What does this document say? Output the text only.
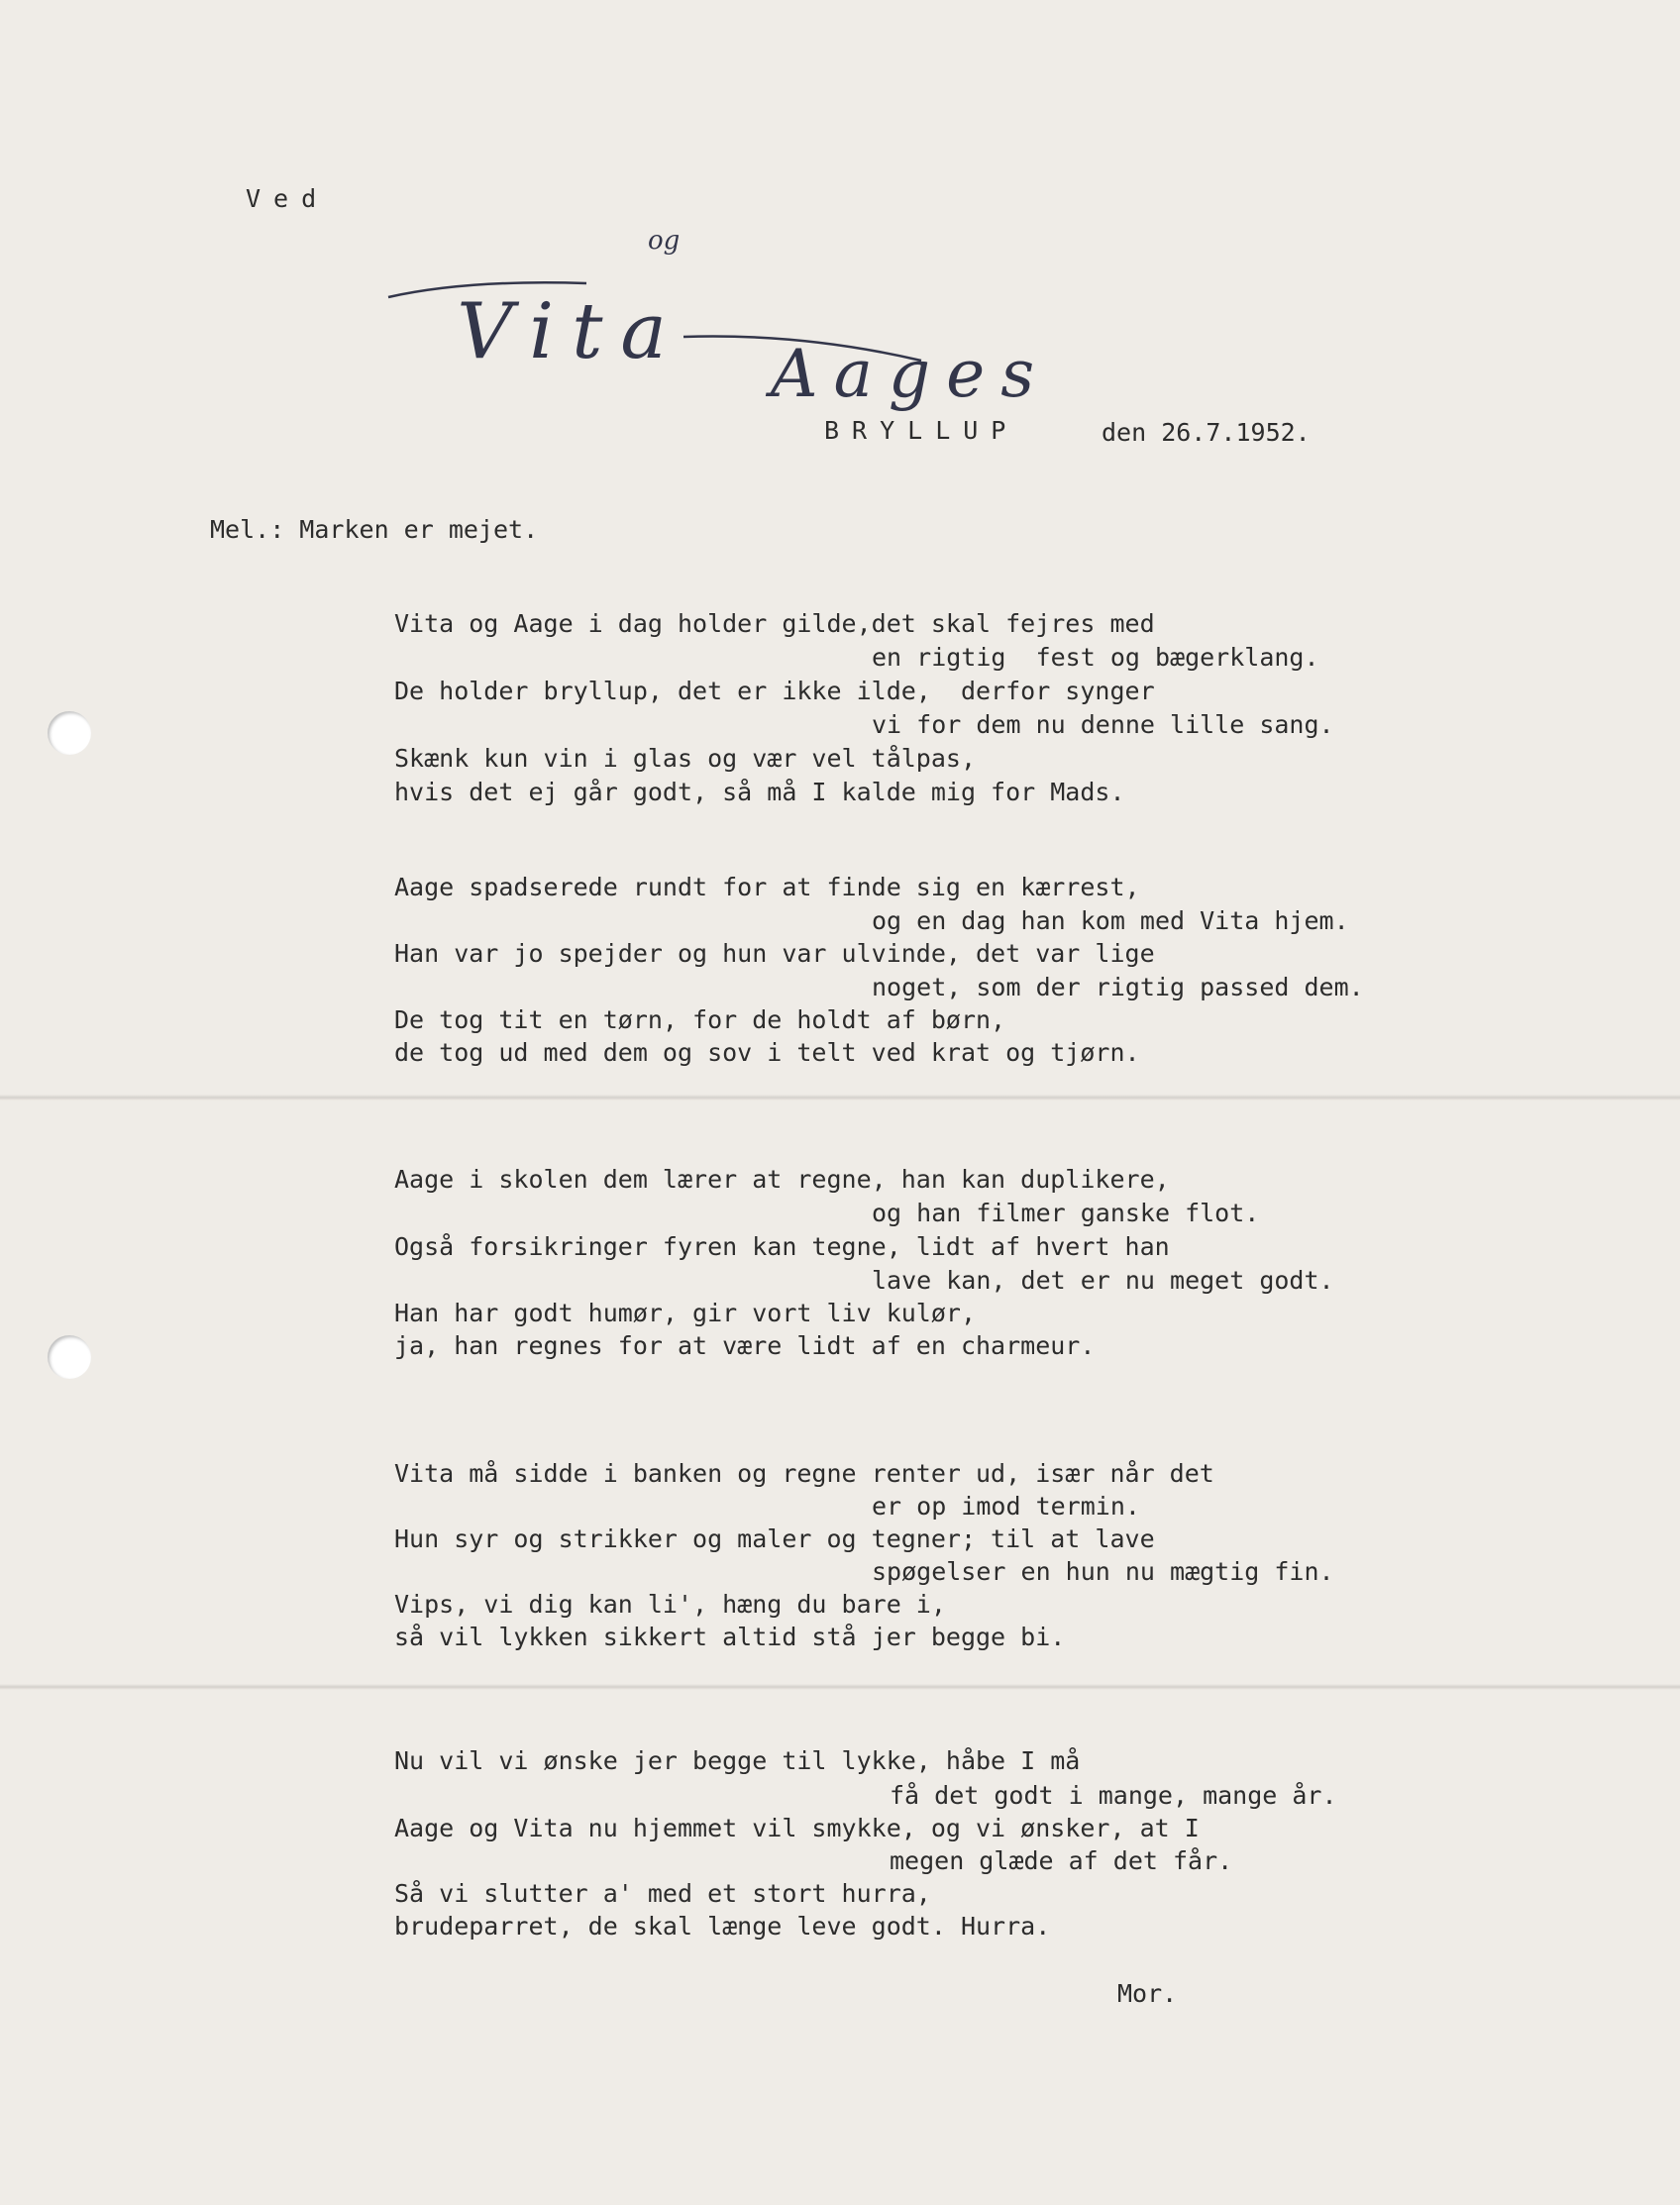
Ved

Vita

og

Aages

BRYLLUP	den 26.7.1952.
Mel.: Marken er mejet.
Vita og Aage i dag holder gilde,det skal fejres med
en rigtig  fest og bægerklang.
De holder bryllup, det er ikke ilde,  derfor synger
vi for dem nu denne lille sang.
Skænk kun vin i glas og vær vel tålpas,
hvis det ej går godt, så må I kalde mig for Mads.
Aage spadserede rundt for at finde sig en kærrest,
og en dag han kom med Vita hjem.
Han var jo spejder og hun var ulvinde, det var lige
noget, som der rigtig passed dem.
De tog tit en tørn, for de holdt af børn,
de tog ud med dem og sov i telt ved krat og tjørn.
Aage i skolen dem lærer at regne, han kan duplikere,
og han filmer ganske flot.
Også forsikringer fyren kan tegne, lidt af hvert han
lave kan, det er nu meget godt.
Han har godt humør, gir vort liv kulør,
ja, han regnes for at være lidt af en charmeur.
Vita må sidde i banken og regne renter ud, især når det
er op imod termin.
Hun syr og strikker og maler og tegner; til at lave
spøgelser en hun nu mægtig fin.
Vips, vi dig kan li', hæng du bare i,
så vil lykken sikkert altid stå jer begge bi.
Nu vil vi ønske jer begge til lykke, håbe I må
få det godt i mange, mange år.
Aage og Vita nu hjemmet vil smykke, og vi ønsker, at I
megen glæde af det får.
Så vi slutter a' med et stort hurra,
brudeparret, de skal længe leve godt. Hurra.
Mor.
